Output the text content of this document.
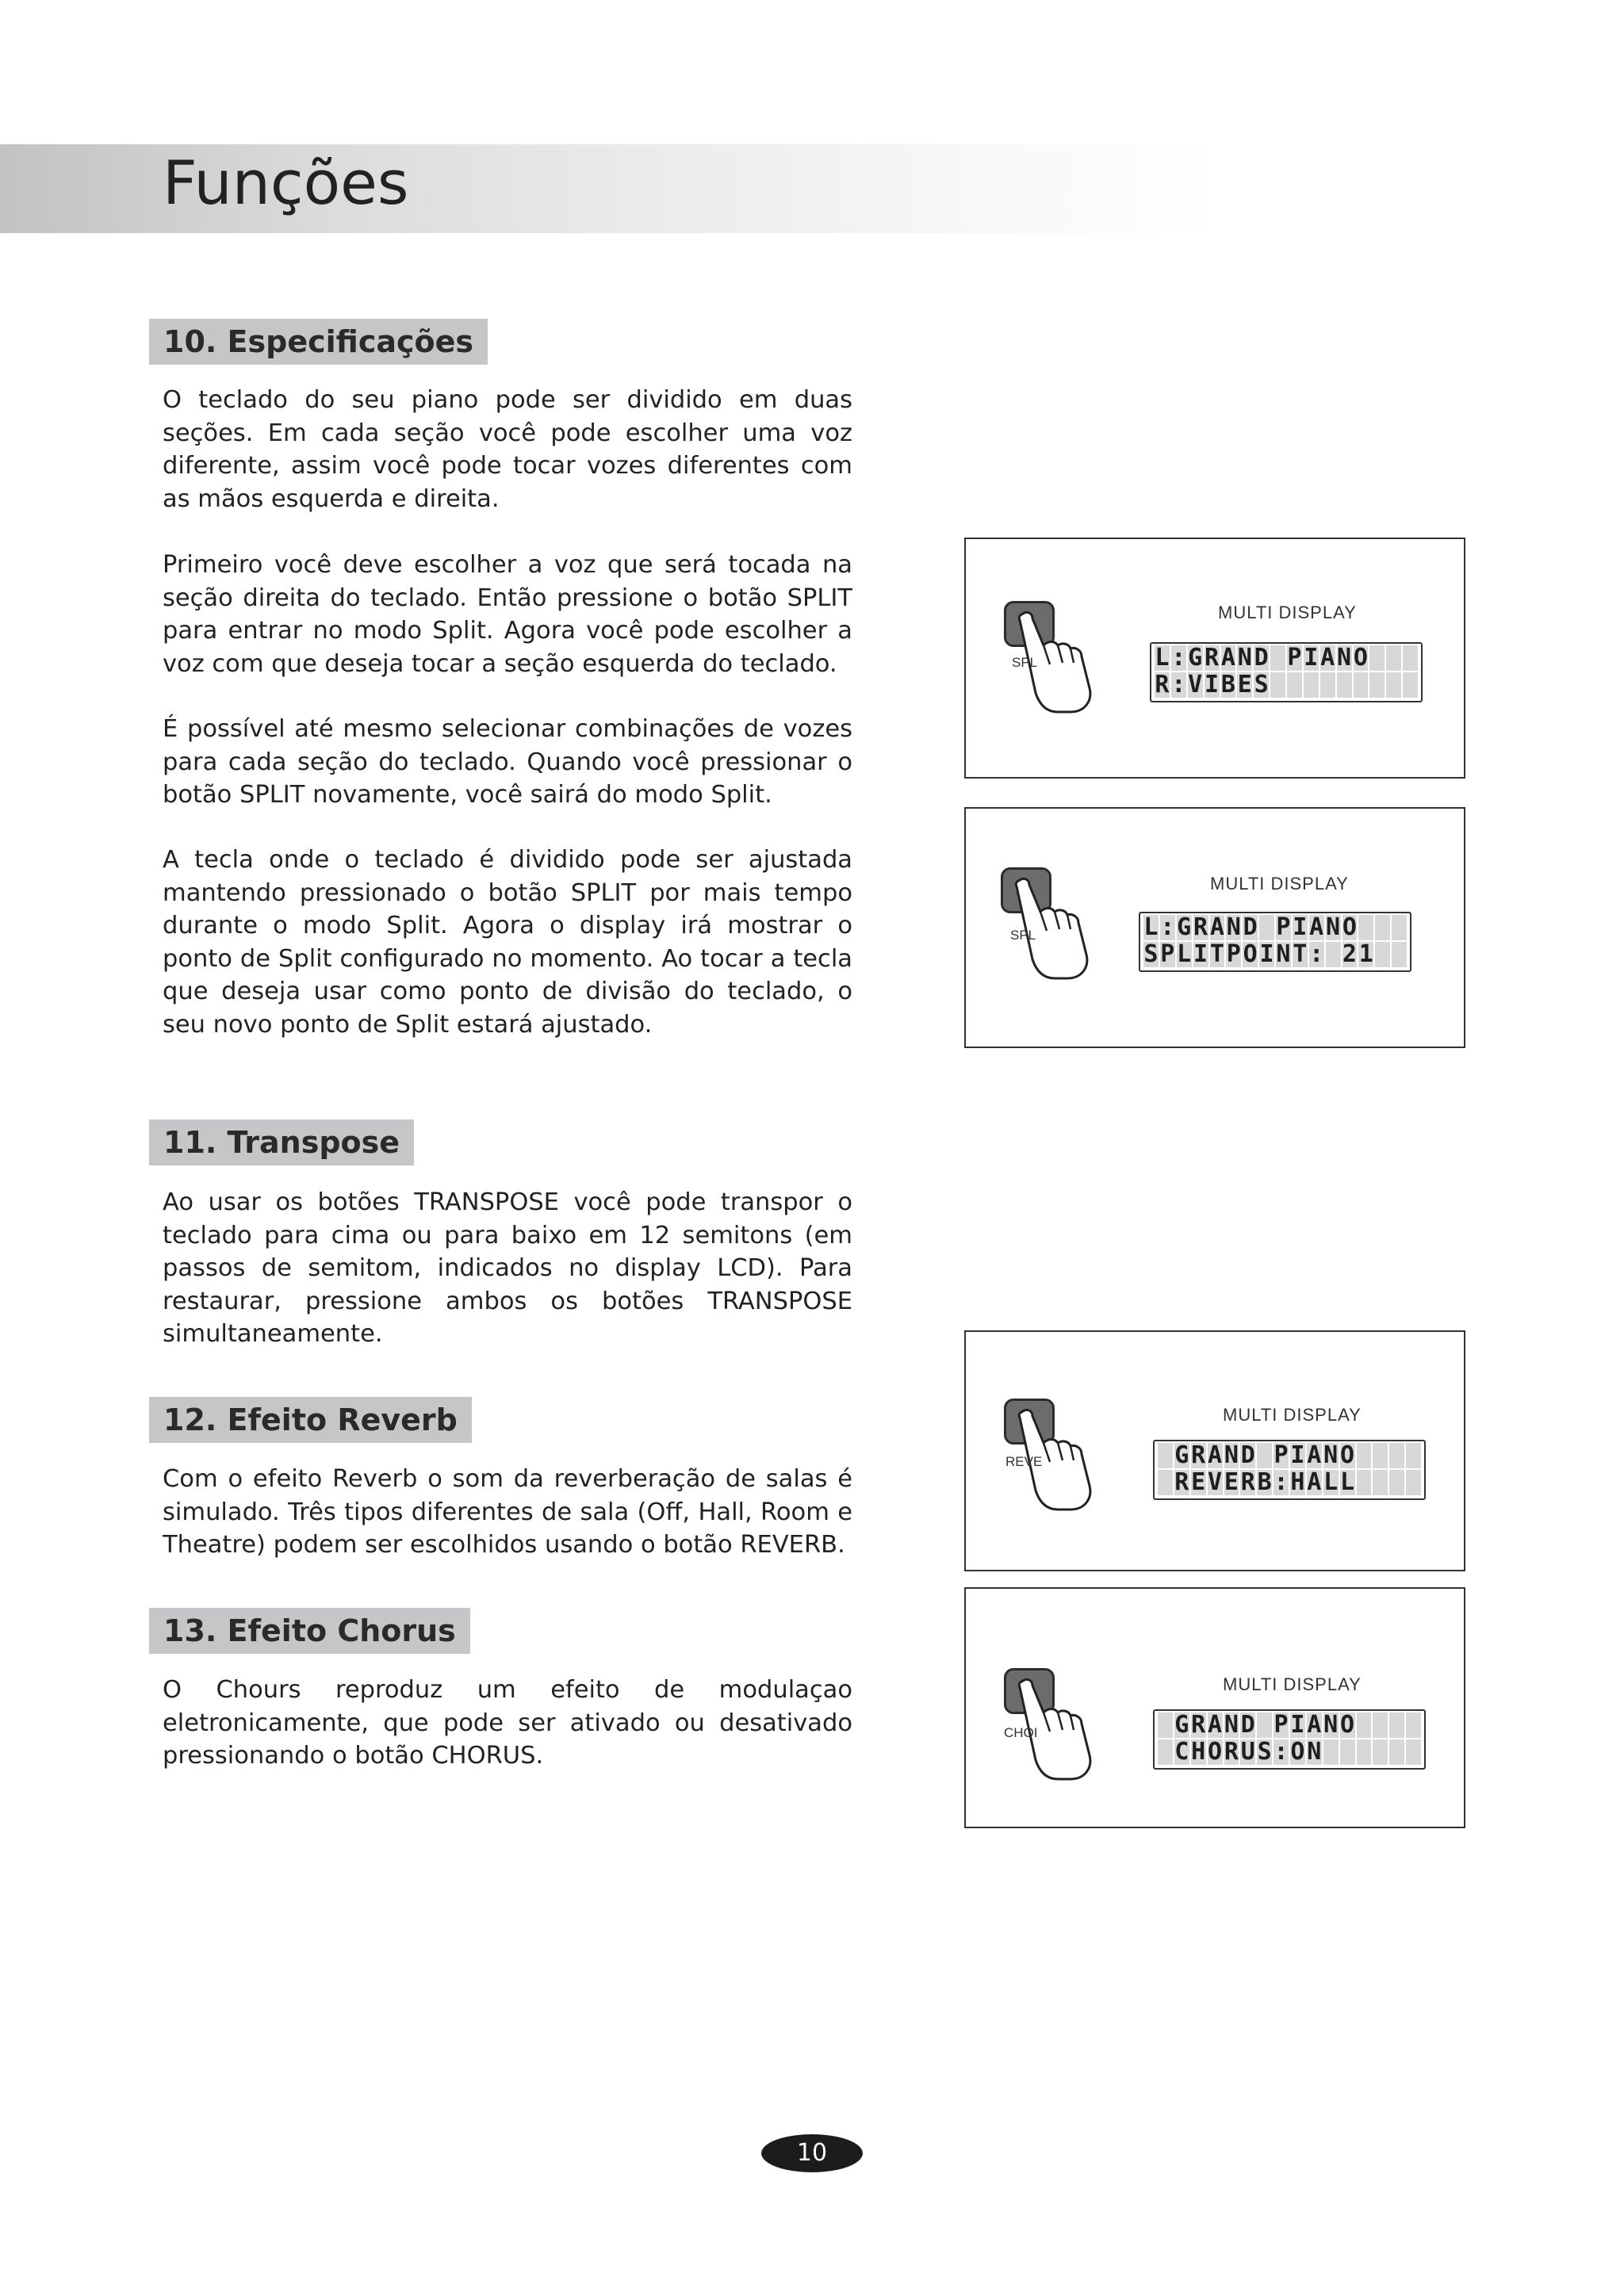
Funções
10. Especificações

O teclado do seu piano pode ser dividido em duas seções. Em cada seção você pode escolher uma voz diferente, assim você pode tocar vozes diferentes com as mãos esquerda e direita.

Primeiro você deve escolher a voz que será tocada na seção direita do teclado. Então pressione o botão SPLIT para entrar no modo Split. Agora você pode escolher a voz com que deseja tocar a seção esquerda do teclado.

É possível até mesmo selecionar combinações de vozes para cada seção do teclado. Quando você pressionar o botão SPLIT novamente, você sairá do modo Split.

A tecla onde o teclado é dividido pode ser ajustada mantendo pressionado o botão SPLIT por mais tempo durante o modo Split. Agora o display irá mostrar o ponto de Split configurado no momento. Ao tocar a tecla que deseja usar como ponto de divisão do teclado, o seu novo ponto de Split estará ajustado.

11. Transpose

Ao usar os botões TRANSPOSE você pode transpor o teclado para cima ou para baixo em 12 semitons (em passos de semitom, indicados no display LCD). Para restaurar, pressione ambos os botões TRANSPOSE simultaneamente.

12. Efeito Reverb

Com o efeito Reverb o som da reverberação de salas é simulado. Três tipos diferentes de sala (Off, Hall, Room e Theatre) podem ser escolhidos usando o botão REVERB.

13. Efeito Chorus

O Chours reproduz um efeito de modulaçao eletronicamente, que pode ser ativado ou desativado pressionando o botão CHORUS.

SPL
MULTI DISPLAY
L : G R A N D P I A N O
R : V I B E S
SPL
MULTI DISPLAY
L : G R A N D P I A N O
S P L I T P O I N T : 2 1
REVE
MULTI DISPLAY
G R A N D P I A N O
R E V E R B : H A L L
CHOI
MULTI DISPLAY
G R A N D P I A N O
C H O R U S : O N
10
